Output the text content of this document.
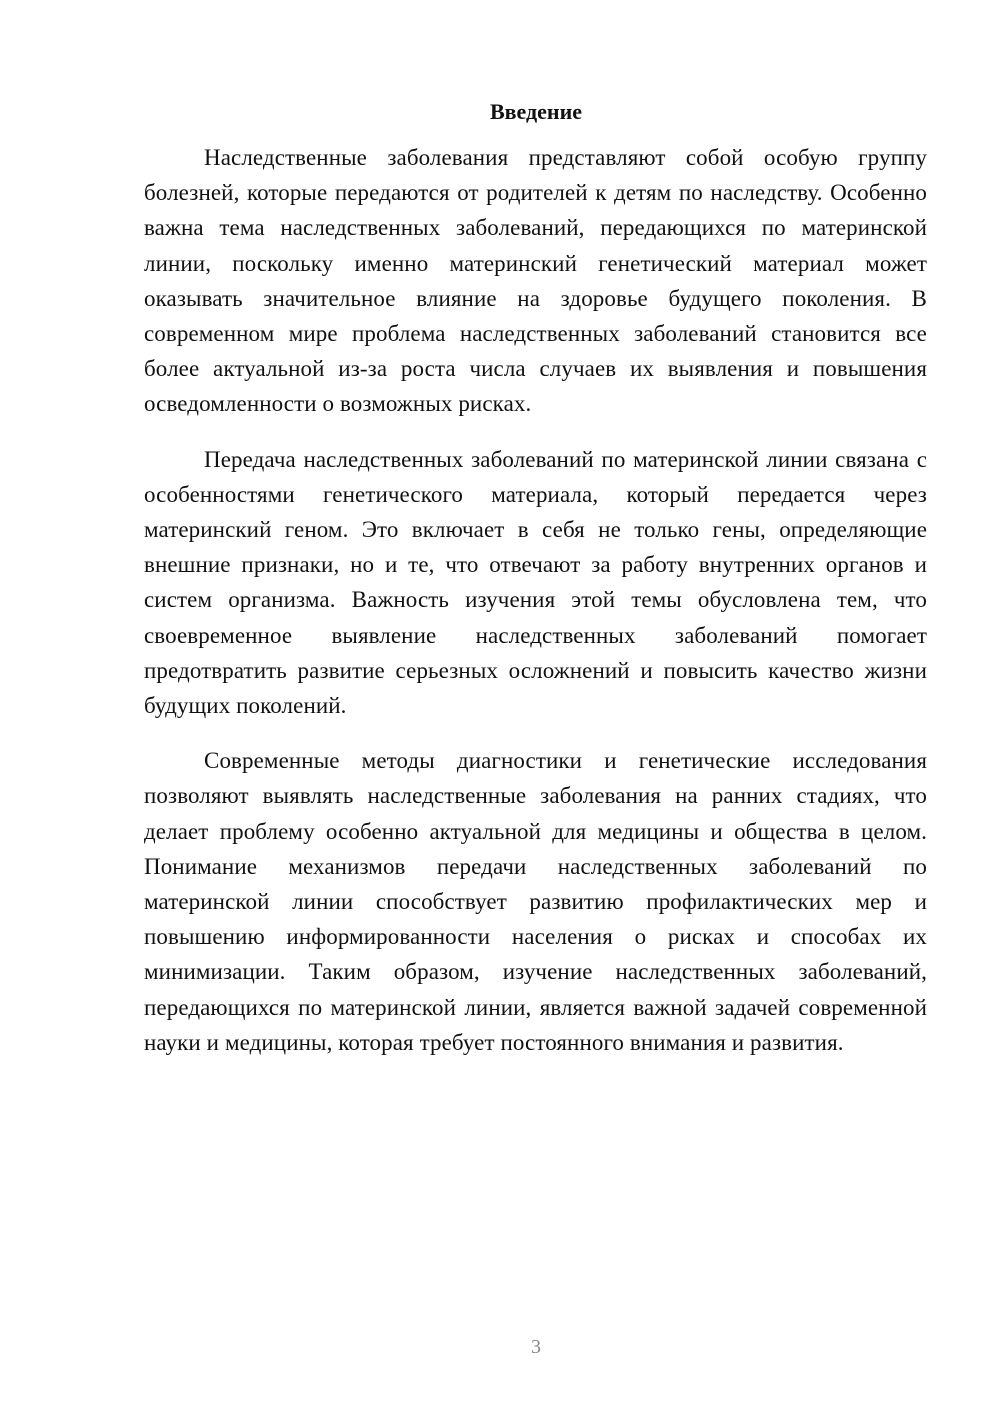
Введение

Наследственные заболевания представляют собой особую группу болезней, которые передаются от родителей к детям по наследству. Особенно важна тема наследственных заболеваний, передающихся по материнской линии, поскольку именно материнский генетический материал может оказывать значительное влияние на здоровье будущего поколения. В современном мире проблема наследственных заболеваний становится все более актуальной из-за роста числа случаев их выявления и повышения осведомленности о возможных рисках.

Передача наследственных заболеваний по материнской линии связана с особенностями генетического материала, который передается через материнский геном. Это включает в себя не только гены, определяющие внешние признаки, но и те, что отвечают за работу внутренних органов и систем организма. Важность изучения этой темы обусловлена тем, что своевременное выявление наследственных заболеваний помогает предотвратить развитие серьезных осложнений и повысить качество жизни будущих поколений.

Современные методы диагностики и генетические исследования позволяют выявлять наследственные заболевания на ранних стадиях, что делает проблему особенно актуальной для медицины и общества в целом. Понимание механизмов передачи наследственных заболеваний по материнской линии способствует развитию профилактических мер и повышению информированности населения о рисках и способах их минимизации. Таким образом, изучение наследственных заболеваний, передающихся по материнской линии, является важной задачей современной науки и медицины, которая требует постоянного внимания и развития.

3
